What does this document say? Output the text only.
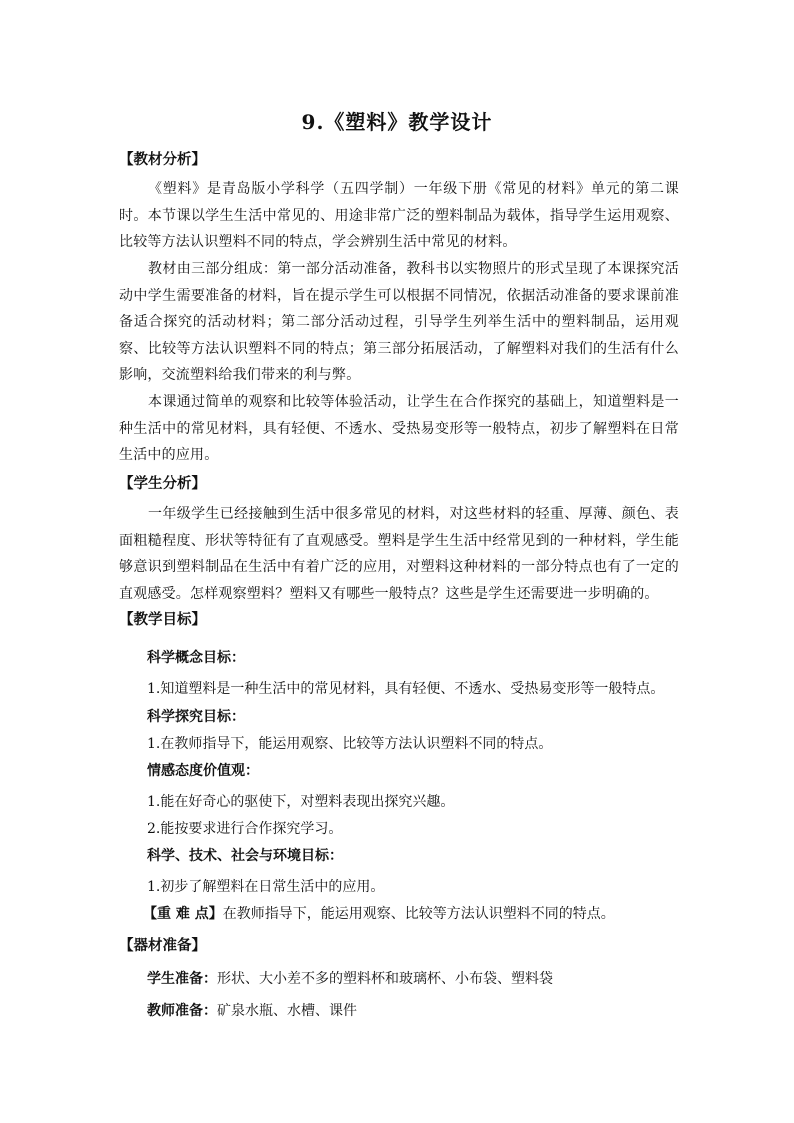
9.《塑料》教学设计
【教材分析】
《塑料》是青岛版小学科学（五四学制）一年级下册《常见的材料》单元的第二课时。本节课以学生生活中常见的、用途非常广泛的塑料制品为载体，指导学生运用观察、比较等方法认识塑料不同的特点，学会辨别生活中常见的材料。
教材由三部分组成：第一部分活动准备，教科书以实物照片的形式呈现了本课探究活动中学生需要准备的材料，旨在提示学生可以根据不同情况，依据活动准备的要求课前准备适合探究的活动材料；第二部分活动过程，引导学生列举生活中的塑料制品，运用观察、比较等方法认识塑料不同的特点；第三部分拓展活动，了解塑料对我们的生活有什么影响，交流塑料给我们带来的利与弊。
本课通过简单的观察和比较等体验活动，让学生在合作探究的基础上，知道塑料是一种生活中的常见材料，具有轻便、不透水、受热易变形等一般特点，初步了解塑料在日常生活中的应用。
【学生分析】
一年级学生已经接触到生活中很多常见的材料，对这些材料的轻重、厚薄、颜色、表面粗糙程度、形状等特征有了直观感受。塑料是学生生活中经常见到的一种材料，学生能够意识到塑料制品在生活中有着广泛的应用，对塑料这种材料的一部分特点也有了一定的直观感受。怎样观察塑料？塑料又有哪些一般特点？这些是学生还需要进一步明确的。
【教学目标】
科学概念目标：
1.知道塑料是一种生活中的常见材料，具有轻便、不透水、受热易变形等一般特点。
科学探究目标：
1.在教师指导下，能运用观察、比较等方法认识塑料不同的特点。
情感态度价值观：
1.能在好奇心的驱使下，对塑料表现出探究兴趣。
2.能按要求进行合作探究学习。
科学、技术、社会与环境目标：
1.初步了解塑料在日常生活中的应用。
【重 难 点】在教师指导下，能运用观察、比较等方法认识塑料不同的特点。
【器材准备】
学生准备：形状、大小差不多的塑料杯和玻璃杯、小布袋、塑料袋
教师准备：矿泉水瓶、水槽、课件
